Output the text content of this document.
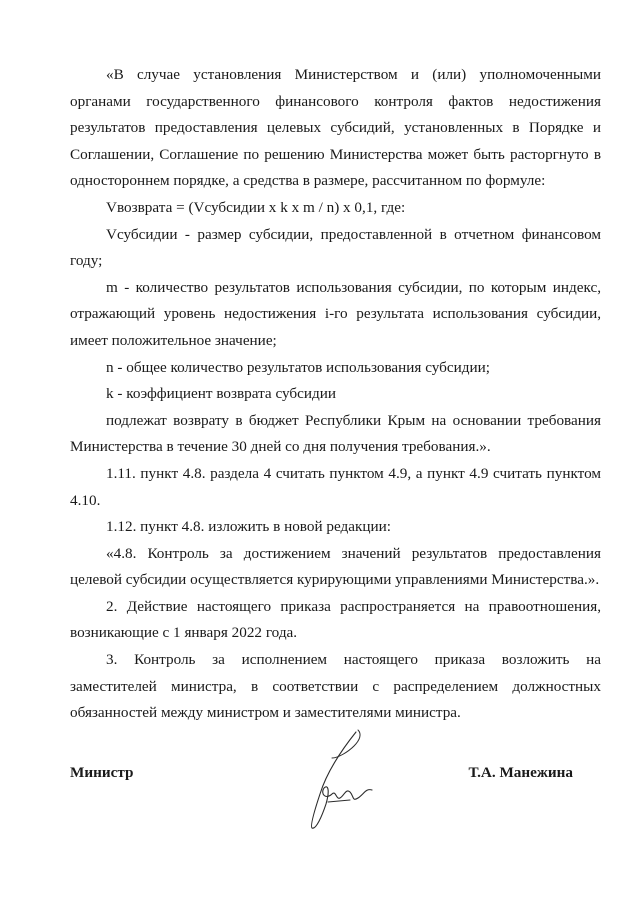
«В случае установления Министерством и (или) уполномоченными органами государственного финансового контроля фактов недостижения результатов предоставления целевых субсидий, установленных в Порядке и Соглашении, Соглашение по решению Министерства может быть расторгнуто в одностороннем порядке, а средства в размере, рассчитанном по формуле:

Vвозврата = (Vсубсидии x k x m / n) x 0,1, где:

Vсубсидии - размер субсидии, предоставленной в отчетном финансовом году;

m - количество результатов использования субсидии, по которым индекс, отражающий уровень недостижения i-го результата использования субсидии, имеет положительное значение;

n - общее количество результатов использования субсидии;

k - коэффициент возврата субсидии

подлежат возврату в бюджет Республики Крым на основании требования Министерства в течение 30 дней со дня получения требования.».

1.11. пункт 4.8. раздела 4 считать пунктом 4.9, а пункт 4.9 считать пунктом 4.10.

1.12. пункт 4.8. изложить в новой редакции:

«4.8. Контроль за достижением значений результатов предоставления целевой субсидии осуществляется курирующими управлениями Министерства.».

2. Действие настоящего приказа распространяется на правоотношения, возникающие с 1 января 2022 года.

3. Контроль за исполнением настоящего приказа возложить на заместителей министра, в соответствии с распределением должностных обязанностей между министром и заместителями министра.

Министр	Т.А. Манежина
